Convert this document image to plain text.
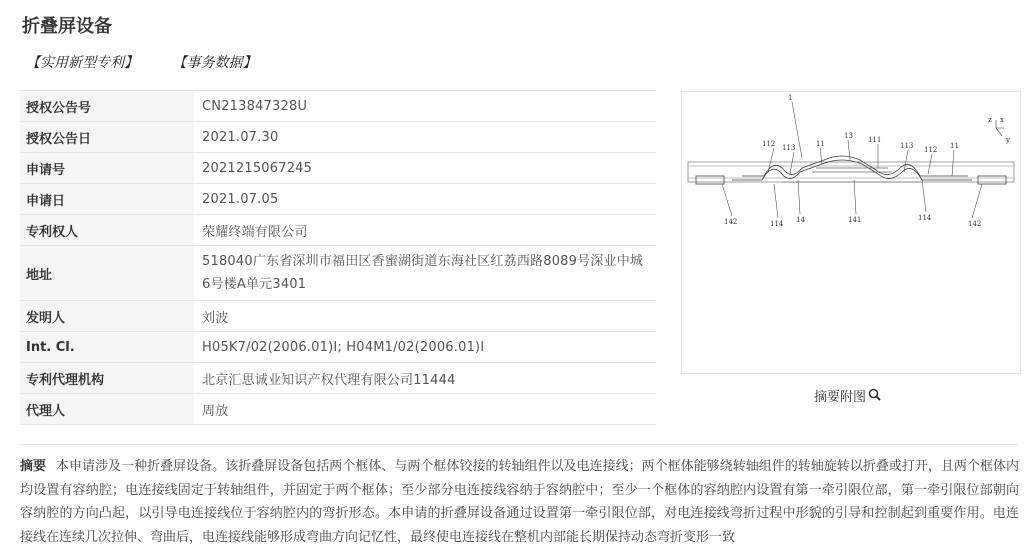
折叠屏设备
【实用新型专利】 【事务数据】
授权公告号	CN213847328U
授权公告日	2021.07.30
申请号	2021215067245
申请日	2021.07.05
专利权人	荣耀终端有限公司
地址	518040广东省深圳市福田区香蜜湖街道东海社区红荔西路8089号深业中城6号楼A单元3401
发明人	刘波
Int. Cl.	H05K7/02(2006.01)I; H04M1/02(2006.01)I
专利代理机构	北京汇思诚业知识产权代理有限公司11444
代理人	周放
1
112 113	11
13 111
113 112 11
142	114 14	141	114
142
z x
y
摘要附图
摘要 本申请涉及一种折叠屏设备。该折叠屏设备包括两个框体、与两个框体铰接的转轴组件以及电连接线；两个框体能够绕转轴组件的转轴旋转以折叠或打开，且两个框体内均设置有容纳腔；电连接线固定于转轴组件，并固定于两个框体；至少部分电连接线容纳于容纳腔中；至少一个框体的容纳腔内设置有第一牵引限位部，第一牵引限位部朝向容纳腔的方向凸起，以引导电连接线位于容纳腔内的弯折形态。本申请的折叠屏设备通过设置第一牵引限位部，对电连接线弯折过程中形貌的引导和控制起到重要作用。电连接线在连续几次拉伸、弯曲后，电连接线能够形成弯曲方向记忆性，最终使电连接线在整机内部能长期保持动态弯折变形一致
